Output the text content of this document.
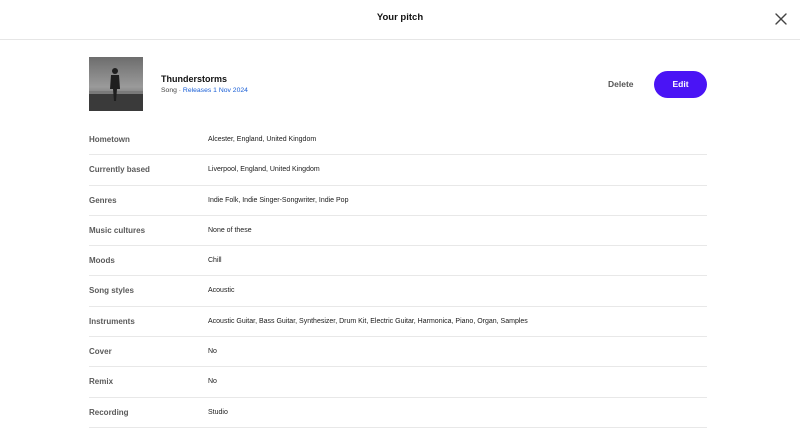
Your pitch
Thunderstorms
Song · Releases 1 Nov 2024
Delete	Edit
Hometown	Alcester, England, United Kingdom
Currently based	Liverpool, England, United Kingdom
Genres	Indie Folk, Indie Singer-Songwriter, Indie Pop
Music cultures	None of these
Moods	Chill
Song styles	Acoustic
Instruments	Acoustic Guitar, Bass Guitar, Synthesizer, Drum Kit, Electric Guitar, Harmonica, Piano, Organ, Samples
Cover	No
Remix	No
Recording	Studio
